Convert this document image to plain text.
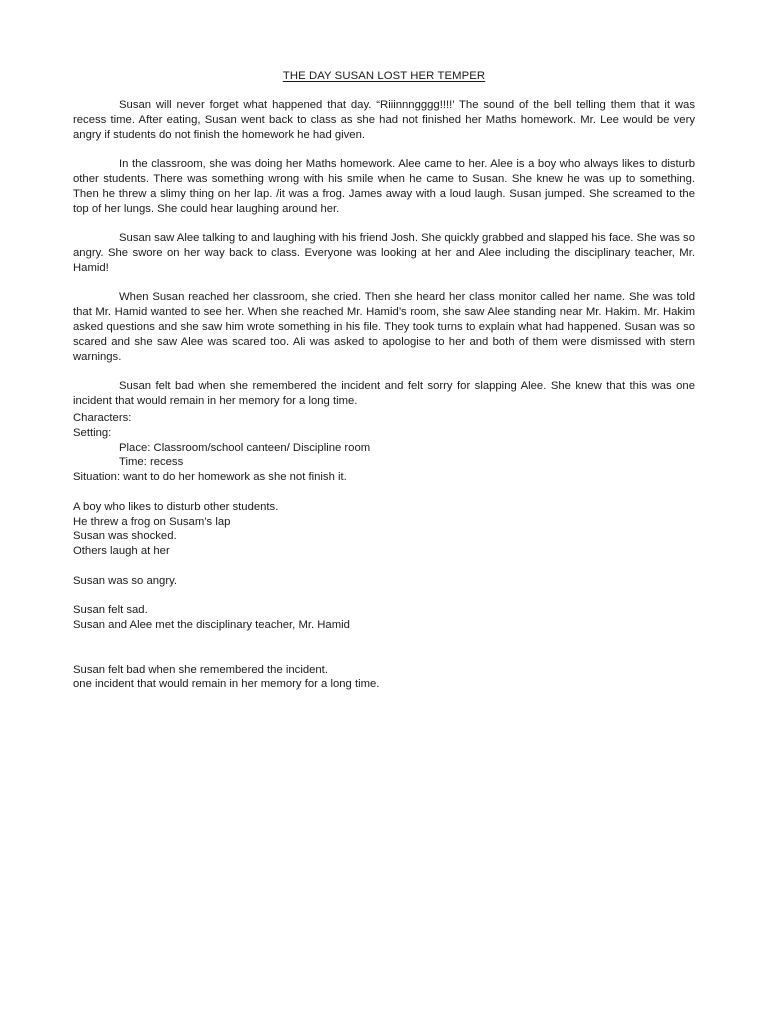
THE DAY SUSAN LOST HER TEMPER

Susan will never forget what happened that day. “Riiinnngggg!!!!’ The sound of the bell telling them that it was recess time. After eating, Susan went back to class as she had not finished her Maths homework. Mr. Lee would be very angry if students do not finish the homework he had given.

In the classroom, she was doing her Maths homework. Alee came to her. Alee is a boy who always likes to disturb other students. There was something wrong with his smile when he came to Susan. She knew he was up to something. Then he threw a slimy thing on her lap. /it was a frog. James away with a loud laugh. Susan jumped. She screamed to the top of her lungs. She could hear laughing around her.

Susan saw Alee talking to and laughing with his friend Josh. She quickly grabbed and slapped his face. She was so angry. She swore on her way back to class. Everyone was looking at her and Alee including the disciplinary teacher, Mr. Hamid!

When Susan reached her classroom, she cried. Then she heard her class monitor called her name. She was told that Mr. Hamid wanted to see her. When she reached Mr. Hamid’s room, she saw Alee standing near Mr. Hakim. Mr. Hakim asked questions and she saw him wrote something in his file. They took turns to explain what had happened. Susan was so scared and she saw Alee was scared too. Ali was asked to apologise to her and both of them were dismissed with stern warnings.

Susan felt bad when she remembered the incident and felt sorry for slapping Alee. She knew that this was one incident that would remain in her memory for a long time.

Characters:
Setting:
Place: Classroom/school canteen/ Discipline room
Time: recess
Situation: want to do her homework as she not finish it.
A boy who likes to disturb other students.
He threw a frog on Susam’s lap
Susan was shocked.
Others laugh at her
Susan was so angry.
Susan felt sad.
Susan and Alee met the disciplinary teacher, Mr. Hamid
Susan felt bad when she remembered the incident.
one incident that would remain in her memory for a long time.
